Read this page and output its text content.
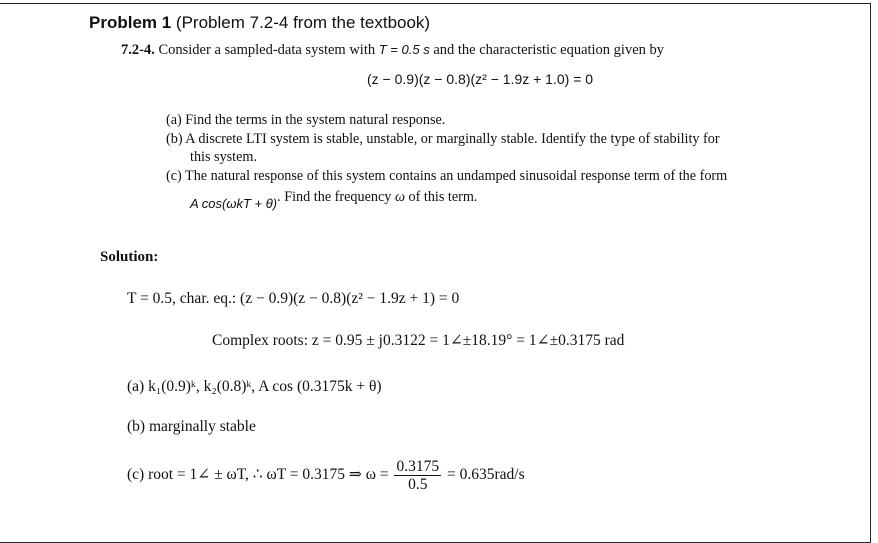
Problem 1 (Problem 7.2-4 from the textbook)
7.2-4. Consider a sampled-data system with T = 0.5 s and the characteristic equation given by
(z − 0.9)(z − 0.8)(z² − 1.9z + 1.0) = 0
(a) Find the terms in the system natural response.
(b) A discrete LTI system is stable, unstable, or marginally stable. Identify the type of stability for
this system.
(c) The natural response of this system contains an undamped sinusoidal response term of the form
A cos(ωkT + θ). Find the frequency ω of this term.
Solution:
T = 0.5, char. eq.: (z − 0.9)(z − 0.8)(z² − 1.9z + 1) = 0
Complex roots: z = 0.95 ± j0.3122 = 1∠±18.19° = 1∠±0.3175 rad
(a) k₁(0.9)ᵏ, k₂(0.8)ᵏ, A cos (0.3175k + θ)
(b) marginally stable
(c) root = 1∠ ± ωT, ∴ ωT = 0.3175 ⇒ $\omega = \frac{0.3175}{0.5} = 0.635rad/s$
